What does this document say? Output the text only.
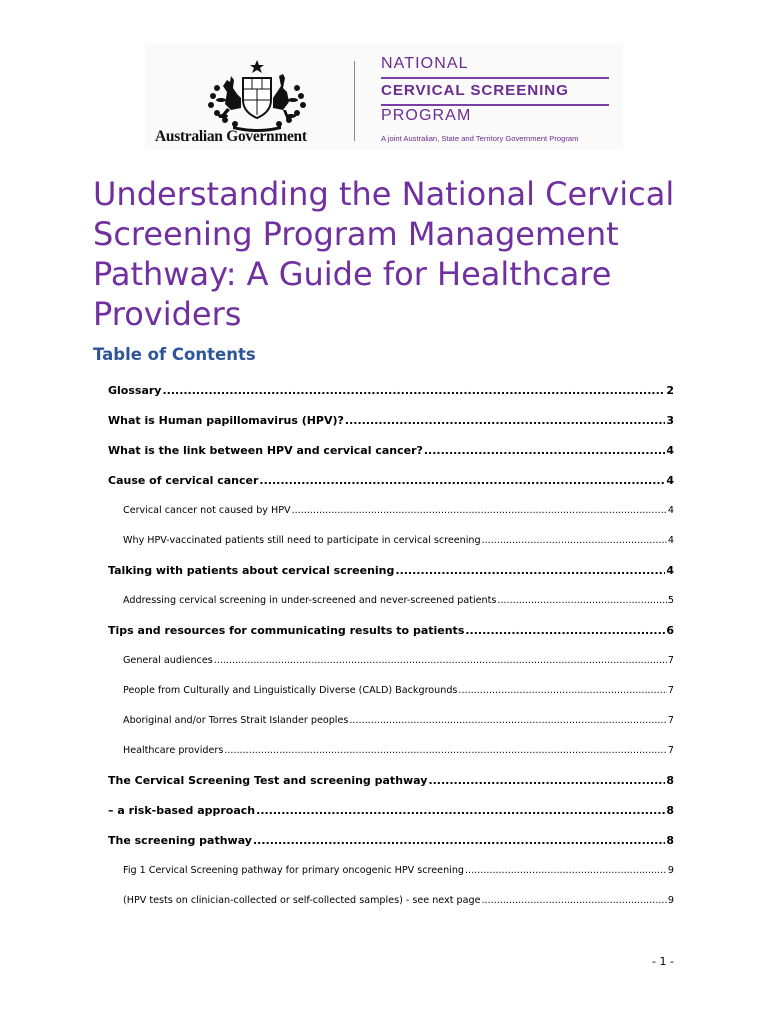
Australian Government
NATIONAL
CERVICAL SCREENING
PROGRAM
A joint Australian, State and Territory Government Program
Understanding the National Cervical Screening Program Management Pathway: A Guide for Healthcare Providers
Table of Contents
Glossary .....	2
What is Human papillomavirus (HPV)? .....	3
What is the link between HPV and cervical cancer? .....	4
Cause of cervical cancer .....	4
Cervical cancer not caused by HPV .....	4
Why HPV-vaccinated patients still need to participate in cervical screening .....	4
Talking with patients about cervical screening .....	4
Addressing cervical screening in under-screened and never-screened patients .....	5
Tips and resources for communicating results to patients .....	6
General audiences .....	7
People from Culturally and Linguistically Diverse (CALD) Backgrounds .....	7
Aboriginal and/or Torres Strait Islander peoples .....	7
Healthcare providers .....	7
The Cervical Screening Test and screening pathway .....	8
– a risk-based approach .....	8
The screening pathway .....	8
Fig 1 Cervical Screening pathway for primary oncogenic HPV screening .....	9
(HPV tests on clinician-collected or self-collected samples) - see next page .....	9
- 1 -
